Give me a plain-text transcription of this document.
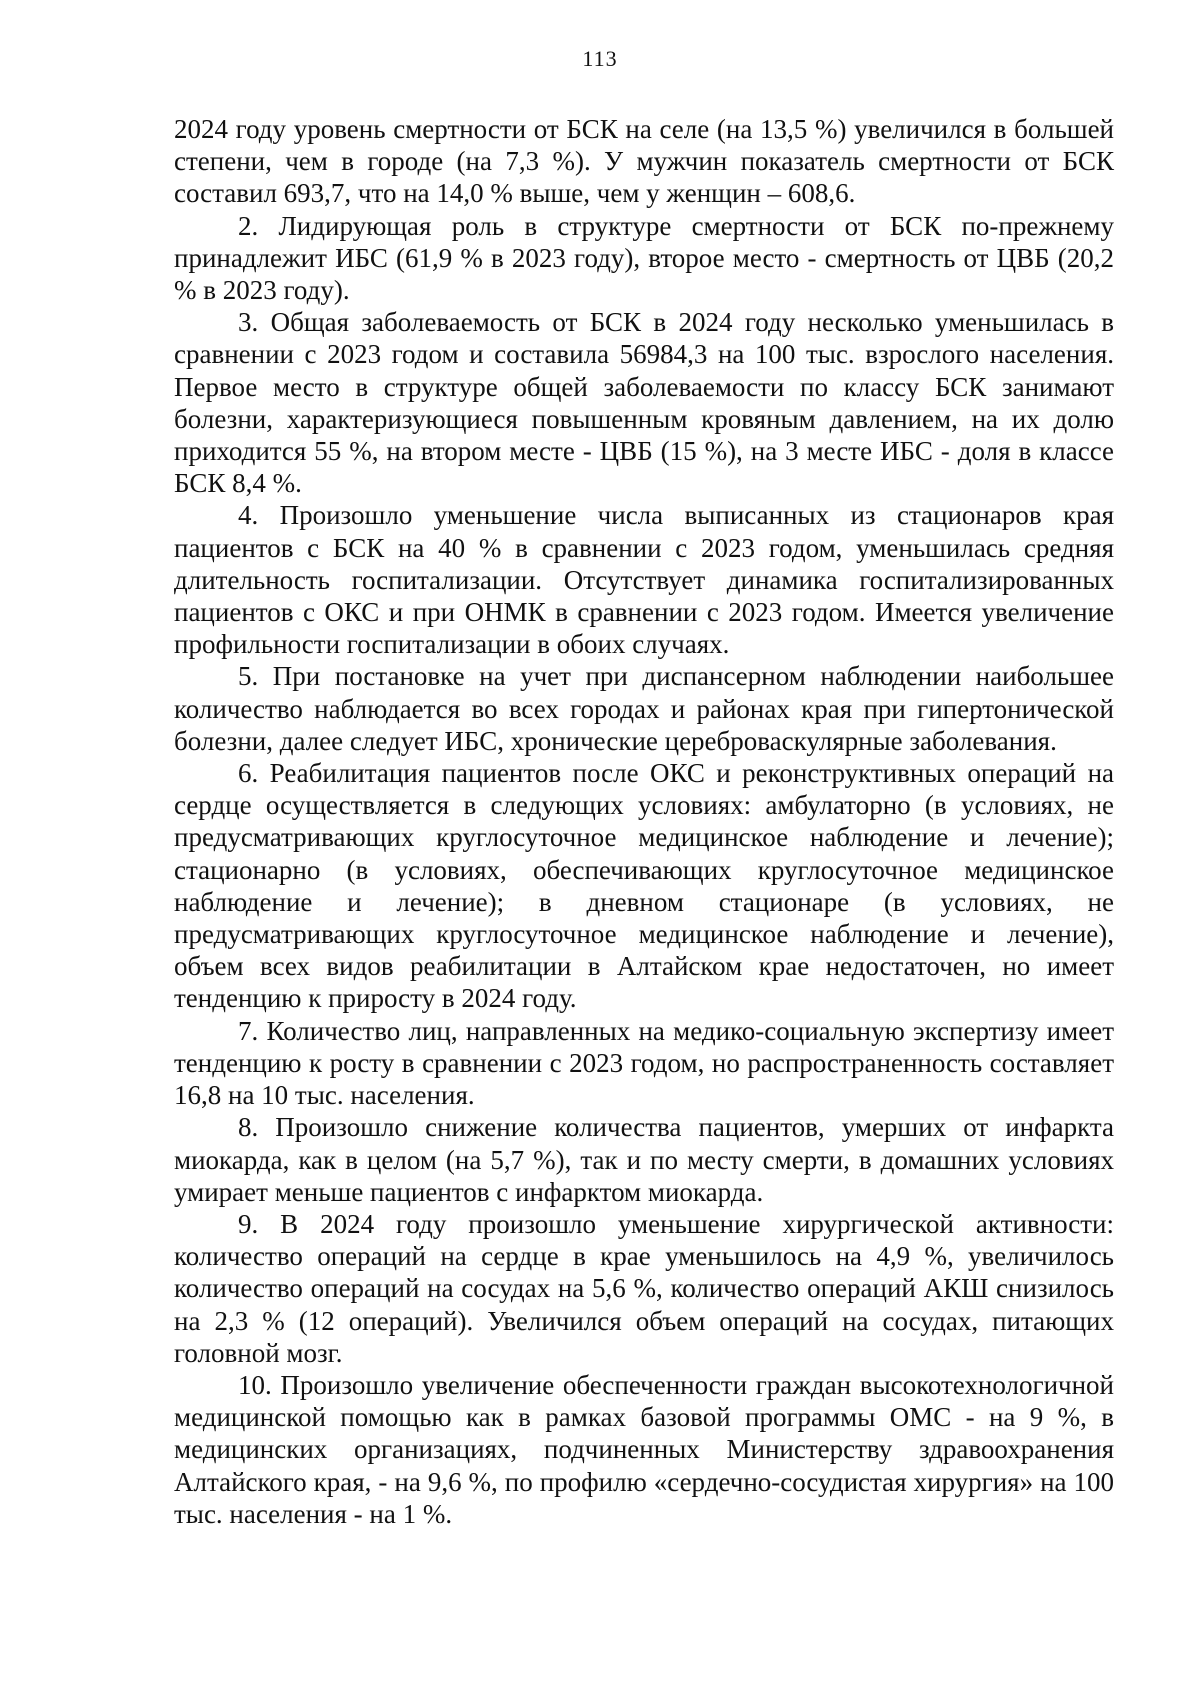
113

2024 году уровень смертности от БСК на селе (на 13,5 %) увеличился в большей степени, чем в городе (на 7,3 %). У мужчин показатель смертности от БСК составил 693,7, что на 14,0 % выше, чем у женщин – 608,6.

2. Лидирующая роль в структуре смертности от БСК по-прежнему принадлежит ИБС (61,9 % в 2023 году), второе место - смертность от ЦВБ (20,2 % в 2023 году).

3. Общая заболеваемость от БСК в 2024 году несколько уменьшилась в сравнении с 2023 годом и составила 56984,3 на 100 тыс. взрослого населения. Первое место в структуре общей заболеваемости по классу БСК занимают болезни, характеризующиеся повышенным кровяным давлением, на их долю приходится 55 %, на втором месте - ЦВБ (15 %), на 3 месте ИБС - доля в классе БСК 8,4 %.

4. Произошло уменьшение числа выписанных из стационаров края пациентов с БСК на 40 % в сравнении с 2023 годом, уменьшилась средняя длительность госпитализации. Отсутствует динамика госпитализированных пациентов с ОКС и при ОНМК в сравнении с 2023 годом. Имеется увеличение профильности госпитализации в обоих случаях.

5. При постановке на учет при диспансерном наблюдении наибольшее количество наблюдается во всех городах и районах края при гипертонической болезни, далее следует ИБС, хронические цереброваскулярные заболевания.

6. Реабилитация пациентов после ОКС и реконструктивных операций на сердце осуществляется в следующих условиях: амбулаторно (в условиях, не предусматривающих круглосуточное медицинское наблюдение и лечение); стационарно (в условиях, обеспечивающих круглосуточное медицинское наблюдение и лечение); в дневном стационаре (в условиях, не предусматривающих круглосуточное медицинское наблюдение и лечение), объем всех видов реабилитации в Алтайском крае недостаточен, но имеет тенденцию к приросту в 2024 году.

7. Количество лиц, направленных на медико-социальную экспертизу имеет тенденцию к росту в сравнении с 2023 годом, но распространенность составляет 16,8 на 10 тыс. населения.

8. Произошло снижение количества пациентов, умерших от инфаркта миокарда, как в целом (на 5,7 %), так и по месту смерти, в домашних условиях умирает меньше пациентов с инфарктом миокарда.

9. В 2024 году произошло уменьшение хирургической активности: количество операций на сердце в крае уменьшилось на 4,9 %, увеличилось количество операций на сосудах на 5,6 %, количество операций АКШ снизилось на 2,3 % (12 операций). Увеличился объем операций на сосудах, питающих головной мозг.

10. Произошло увеличение обеспеченности граждан высокотехнологичной медицинской помощью как в рамках базовой программы ОМС - на 9 %, в медицинских организациях, подчиненных Министерству здравоохранения Алтайского края, - на 9,6 %, по профилю «сердечно-сосудистая хирургия» на 100 тыс. населения - на 1 %.
